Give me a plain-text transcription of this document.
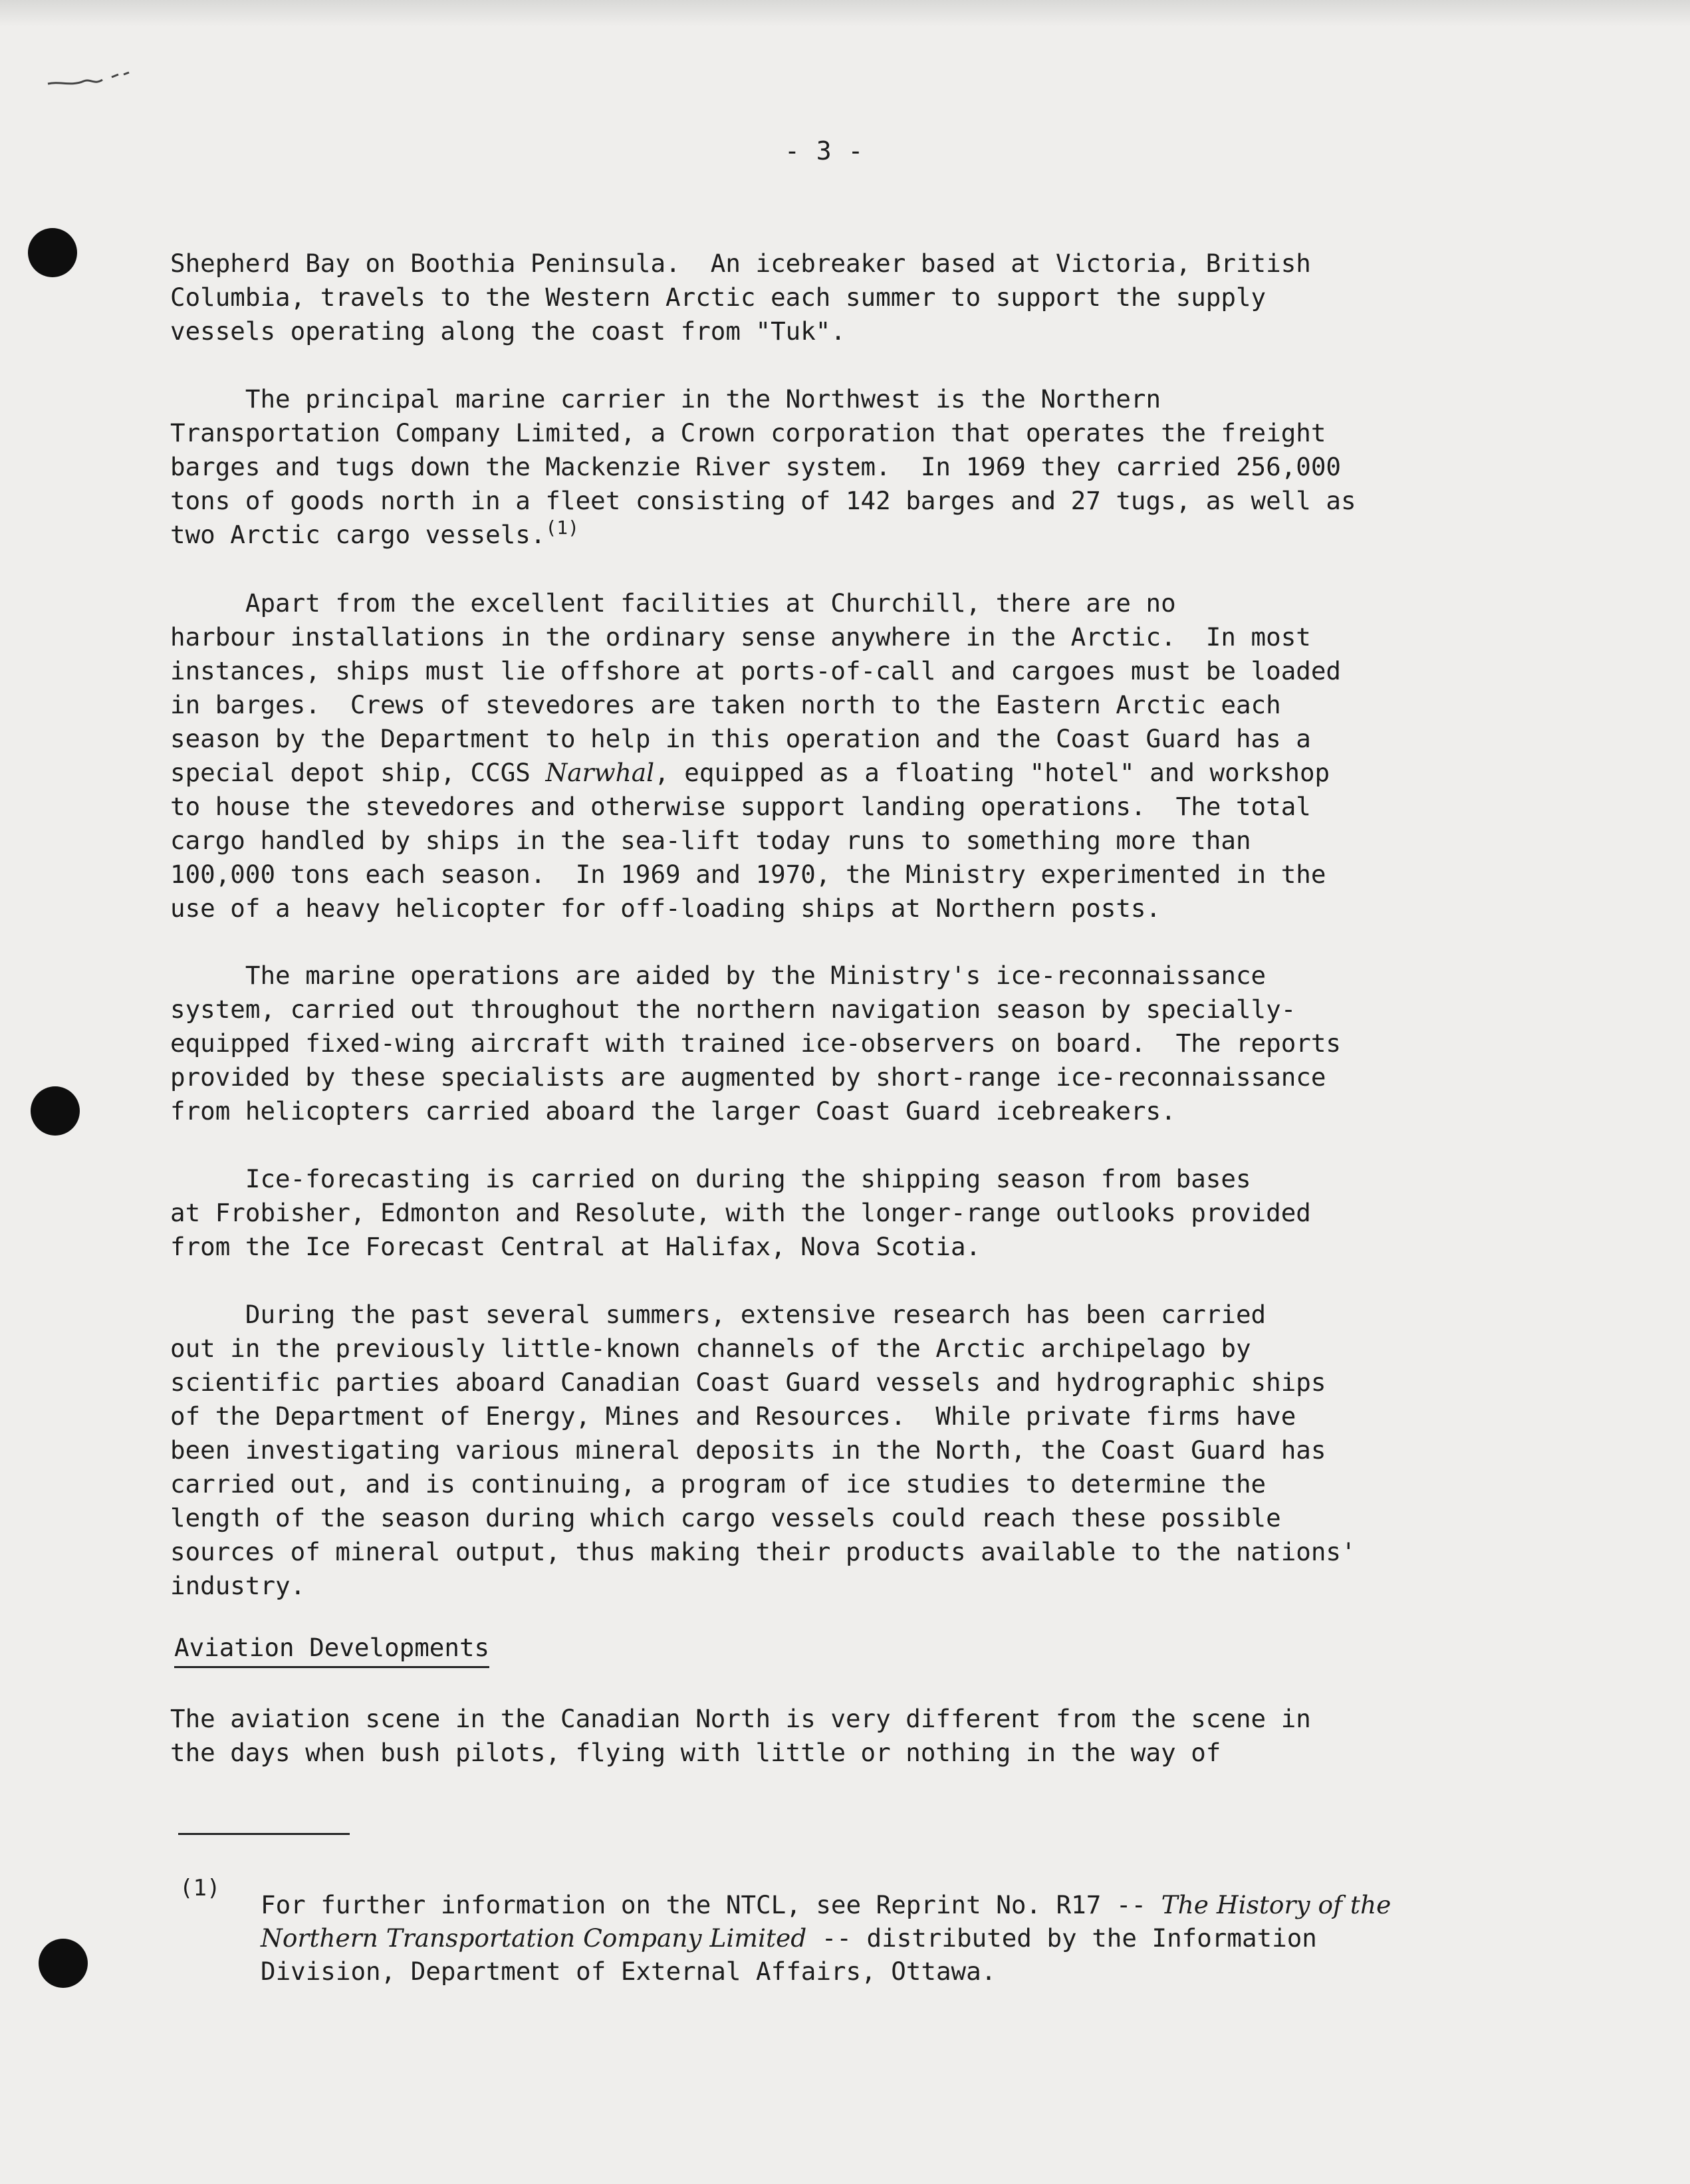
- 3 -
Shepherd Bay on Boothia Peninsula.  An icebreaker based at Victoria, British
Columbia, travels to the Western Arctic each summer to support the supply
vessels operating along the coast from "Tuk".
The principal marine carrier in the Northwest is the Northern
Transportation Company Limited, a Crown corporation that operates the freight
barges and tugs down the Mackenzie River system.  In 1969 they carried 256,000
tons of goods north in a fleet consisting of 142 barges and 27 tugs, as well as
two Arctic cargo vessels.$^{(1)}$
Apart from the excellent facilities at Churchill, there are no
harbour installations in the ordinary sense anywhere in the Arctic.  In most
instances, ships must lie offshore at ports-of-call and cargoes must be loaded
in barges.  Crews of stevedores are taken north to the Eastern Arctic each
season by the Department to help in this operation and the Coast Guard has a
special depot ship, CCGS Narwhal, equipped as a floating "hotel" and workshop
to house the stevedores and otherwise support landing operations.  The total
cargo handled by ships in the sea-lift today runs to something more than
100,000 tons each season.  In 1969 and 1970, the Ministry experimented in the
use of a heavy helicopter for off-loading ships at Northern posts.
The marine operations are aided by the Ministry's ice-reconnaissance
system, carried out throughout the northern navigation season by specially-
equipped fixed-wing aircraft with trained ice-observers on board.  The reports
provided by these specialists are augmented by short-range ice-reconnaissance
from helicopters carried aboard the larger Coast Guard icebreakers.
Ice-forecasting is carried on during the shipping season from bases
at Frobisher, Edmonton and Resolute, with the longer-range outlooks provided
from the Ice Forecast Central at Halifax, Nova Scotia.
During the past several summers, extensive research has been carried
out in the previously little-known channels of the Arctic archipelago by
scientific parties aboard Canadian Coast Guard vessels and hydrographic ships
of the Department of Energy, Mines and Resources.  While private firms have
been investigating various mineral deposits in the North, the Coast Guard has
carried out, and is continuing, a program of ice studies to determine the
length of the season during which cargo vessels could reach these possible
sources of mineral output, thus making their products available to the nations'
industry.
Aviation Developments
The aviation scene in the Canadian North is very different from the scene in
the days when bush pilots, flying with little or nothing in the way of
(1)
For further information on the NTCL, see Reprint No. R17 -- The History of the
Northern Transportation Company Limited -- distributed by the Information
Division, Department of External Affairs, Ottawa.
